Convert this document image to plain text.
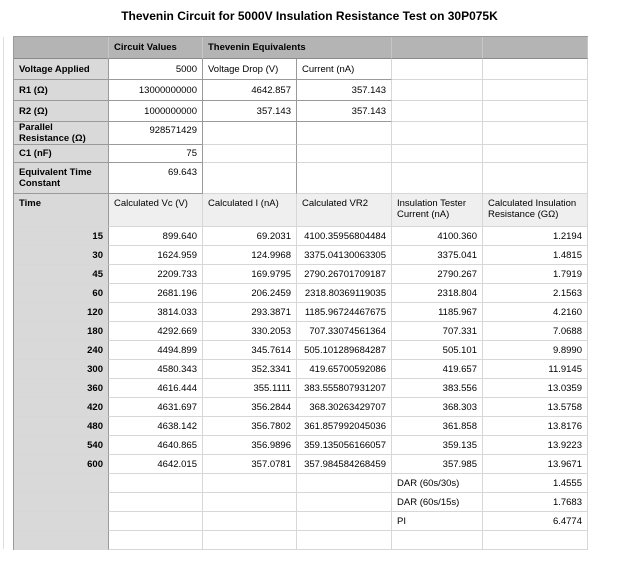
Thevenin Circuit for 5000V Insulation Resistance Test on 30P075K
	Circuit Values	Thevenin Equivalents			
Voltage Applied	5000	Voltage Drop (V)	Current (nA)		
R1 (Ω)	13000000000	4642.857	357.143		
R2 (Ω)	1000000000	357.143	357.143		
Parallel Resistance (Ω)	928571429				
C1 (nF)	75				
Equivalent Time Constant	69.643				
Time	Calculated Vc (V)	Calculated I (nA)	Calculated VR2	Insulation Tester Current (nA)	Calculated Insulation Resistance (GΩ)
15	899.640	69.2031	4100.35956804484	4100.360	1.2194
30	1624.959	124.9968	3375.04130063305	3375.041	1.4815
45	2209.733	169.9795	2790.26701709187	2790.267	1.7919
60	2681.196	206.2459	2318.80369119035	2318.804	2.1563
120	3814.033	293.3871	1185.96724467675	1185.967	4.2160
180	4292.669	330.2053	707.33074561364	707.331	7.0688
240	4494.899	345.7614	505.101289684287	505.101	9.8990
300	4580.343	352.3341	419.65700592086	419.657	11.9145
360	4616.444	355.1111	383.555807931207	383.556	13.0359
420	4631.697	356.2844	368.30263429707	368.303	13.5758
480	4638.142	356.7802	361.857992045036	361.858	13.8176
540	4640.865	356.9896	359.135056166057	359.135	13.9223
600	4642.015	357.0781	357.984584268459	357.985	13.9671
				DAR (60s/30s)	1.4555
				DAR (60s/15s)	1.7683
				PI	6.4774
